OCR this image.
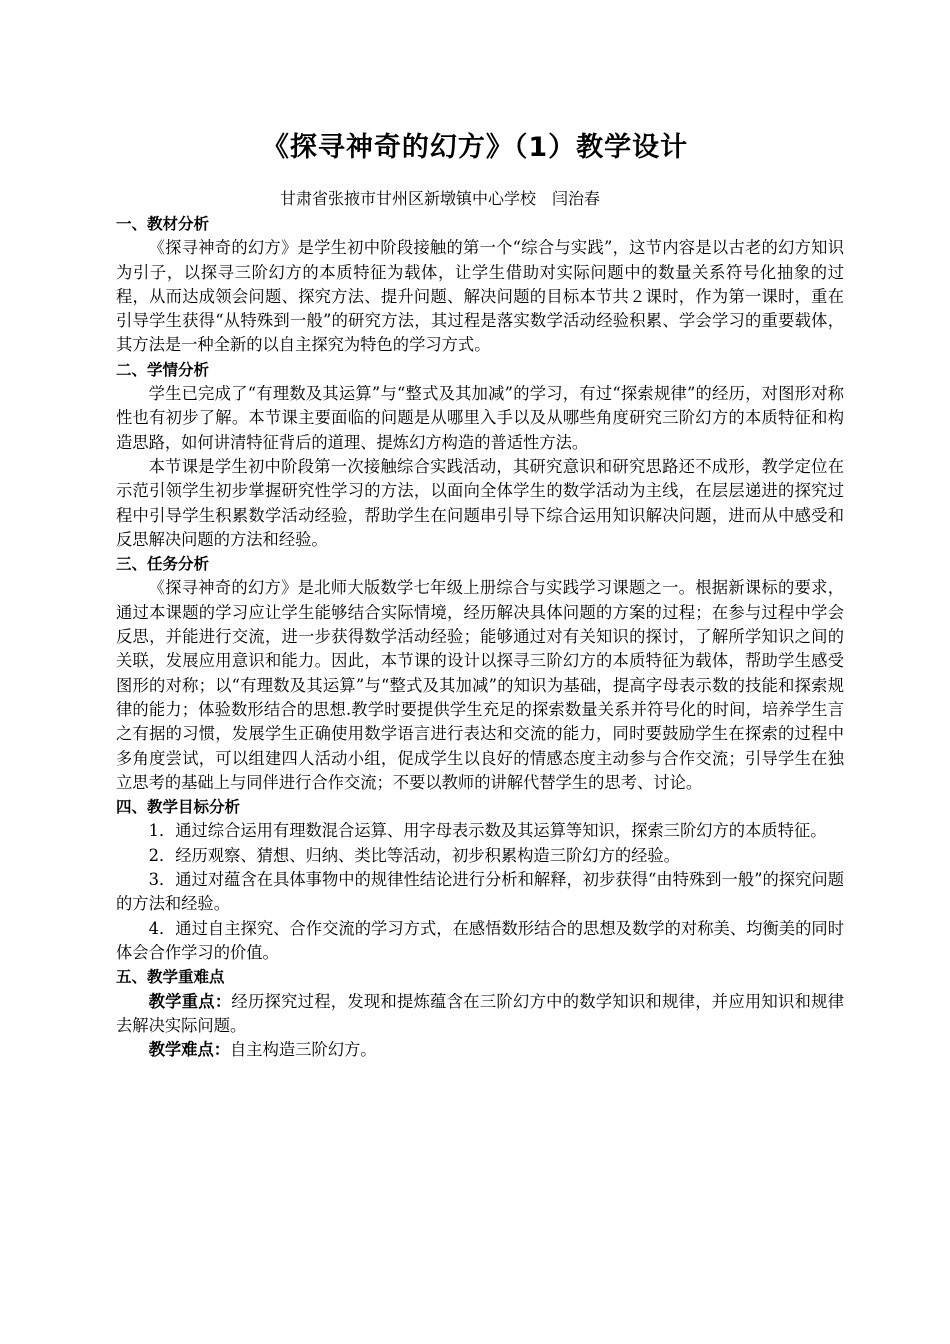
《探寻神奇的幻方》（1）教学设计
甘肃省张掖市甘州区新墩镇中心学校　闫治春

一、教材分析

《探寻神奇的幻方》是学生初中阶段接触的第一个“综合与实践”，这节内容是以古老的幻方知识为引子，以探寻三阶幻方的本质特征为载体，让学生借助对实际问题中的数量关系符号化抽象的过程，从而达成领会问题、探究方法、提升问题、解决问题的目标本节共２课时，作为第一课时，重在引导学生获得“从特殊到一般”的研究方法，其过程是落实数学活动经验积累、学会学习的重要载体，其方法是一种全新的以自主探究为特色的学习方式。

二、学情分析

学生已完成了“有理数及其运算”与“整式及其加减”的学习，有过“探索规律”的经历，对图形对称性也有初步了解。本节课主要面临的问题是从哪里入手以及从哪些角度研究三阶幻方的本质特征和构造思路，如何讲清特征背后的道理、提炼幻方构造的普适性方法。

本节课是学生初中阶段第一次接触综合实践活动，其研究意识和研究思路还不成形，教学定位在示范引领学生初步掌握研究性学习的方法，以面向全体学生的数学活动为主线，在层层递进的探究过程中引导学生积累数学活动经验，帮助学生在问题串引导下综合运用知识解决问题，进而从中感受和反思解决问题的方法和经验。

三、任务分析

《探寻神奇的幻方》是北师大版数学七年级上册综合与实践学习课题之一。根据新课标的要求，通过本课题的学习应让学生能够结合实际情境，经历解决具体问题的方案的过程；在参与过程中学会反思，并能进行交流，进一步获得数学活动经验；能够通过对有关知识的探讨，了解所学知识之间的关联，发展应用意识和能力。因此，本节课的设计以探寻三阶幻方的本质特征为载体，帮助学生感受图形的对称；以“有理数及其运算”与“整式及其加减”的知识为基础，提高字母表示数的技能和探索规律的能力；体验数形结合的思想.教学时要提供学生充足的探索数量关系并符号化的时间，培养学生言之有据的习惯，发展学生正确使用数学语言进行表达和交流的能力，同时要鼓励学生在探索的过程中多角度尝试，可以组建四人活动小组，促成学生以良好的情感态度主动参与合作交流；引导学生在独立思考的基础上与同伴进行合作交流；不要以教师的讲解代替学生的思考、讨论。

四、教学目标分析

1．通过综合运用有理数混合运算、用字母表示数及其运算等知识，探索三阶幻方的本质特征。

2．经历观察、猜想、归纳、类比等活动，初步积累构造三阶幻方的经验。

3．通过对蕴含在具体事物中的规律性结论进行分析和解释，初步获得“由特殊到一般”的探究问题的方法和经验。

4．通过自主探究、合作交流的学习方式，在感悟数形结合的思想及数学的对称美、均衡美的同时体会合作学习的价值。

五、教学重难点

教学重点：经历探究过程，发现和提炼蕴含在三阶幻方中的数学知识和规律，并应用知识和规律去解决实际问题。

教学难点：自主构造三阶幻方。
